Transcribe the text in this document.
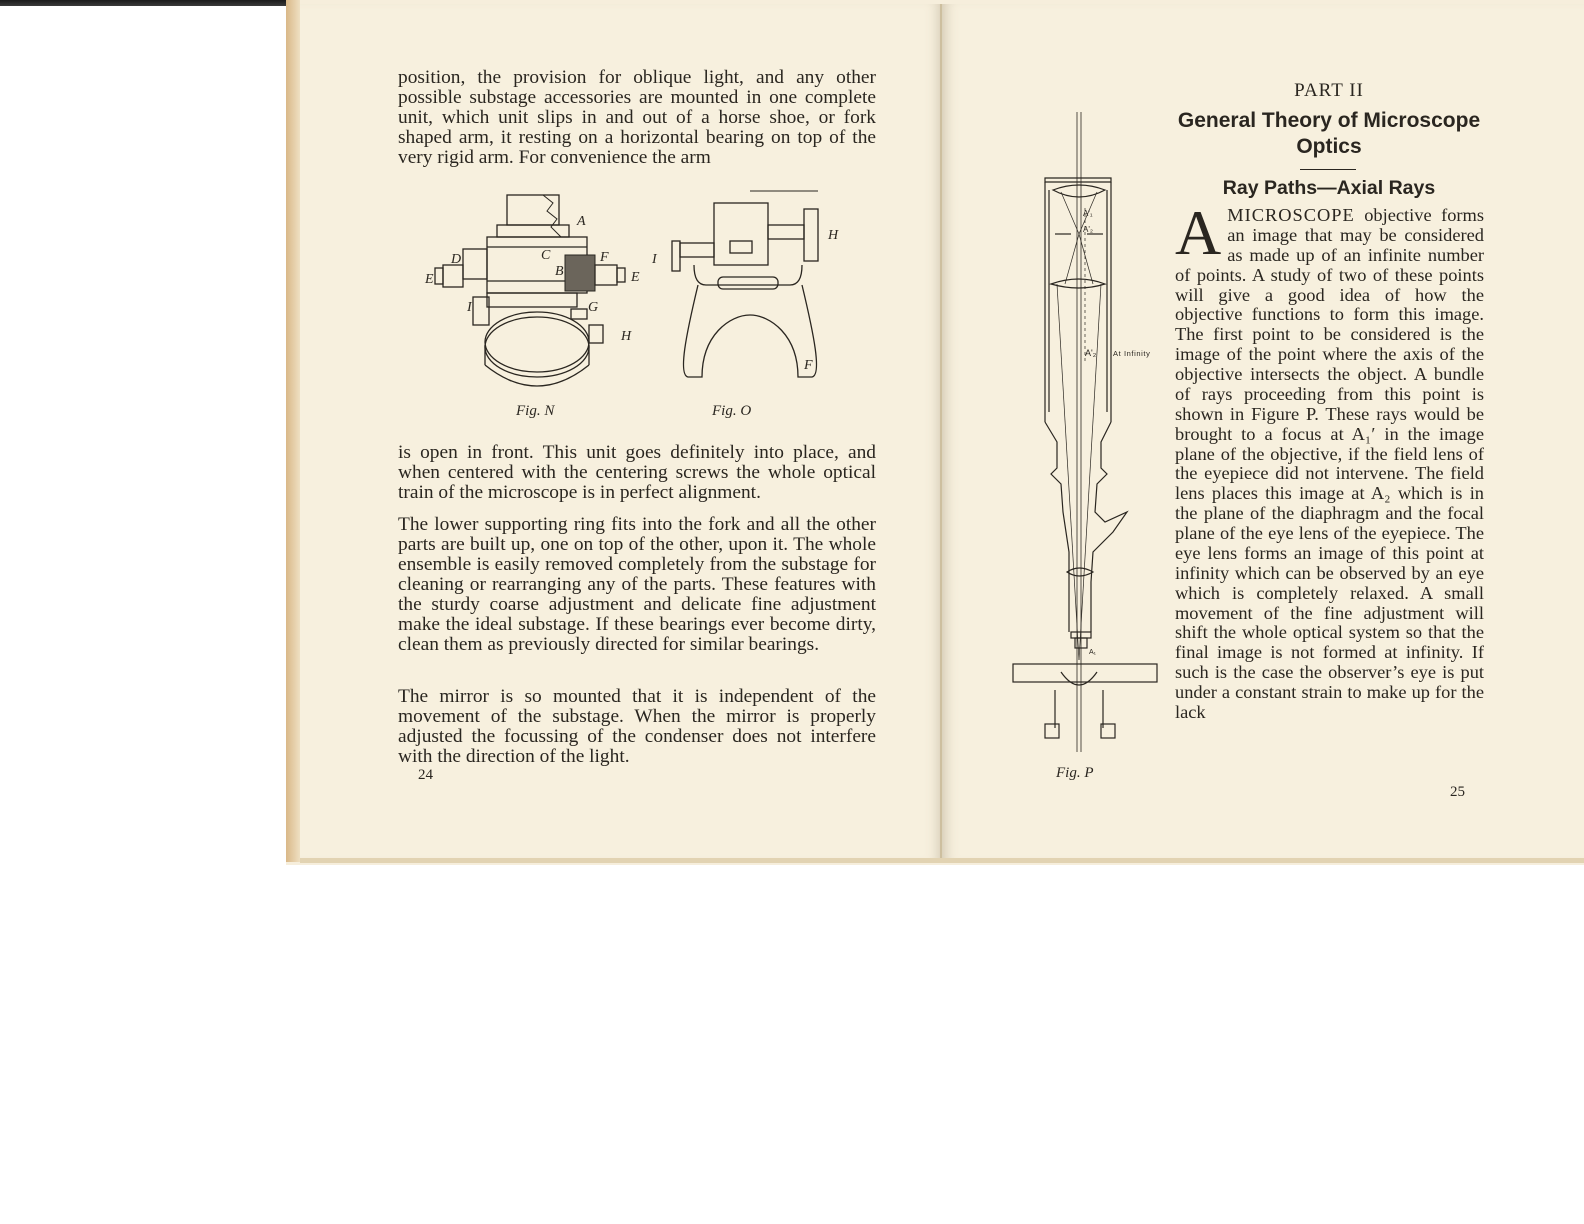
position, the provision for oblique light, and any other possible substage accessories are mounted in one complete unit, which unit slips in and out of a horse shoe, or fork shaped arm, it resting on a horizontal bearing on top of the very rigid arm. For convenience the arm

A
B
C
D
E	E
F
G
H
I
I
H
F
Fig. N	Fig. O

is open in front. This unit goes definitely into place, and when centered with the centering screws the whole optical train of the microscope is in perfect alignment.

The lower supporting ring fits into the fork and all the other parts are built up, one on top of the other, upon it. The whole ensemble is easily removed completely from the substage for cleaning or rearranging any of the parts. These features with the sturdy coarse adjustment and delicate fine adjustment make the ideal substage. If these bearings ever become dirty, clean them as previously directed for similar bearings.

The mirror is so mounted that it is independent of the movement of the substage. When the mirror is properly adjusted the focussing of the condenser does not interfere with the direction of the light.

24
A'₁
A'₂
A'₂ At Infinity
A₁
Fig. P
PART II
General Theory of Microscope Optics
Ray Paths—Axial Rays

AMICROSCOPE objective forms an image that may be considered as made up of an infinite number of points. A study of two of these points will give a good idea of how the objective functions to form this image. The first point to be considered is the image of the point where the axis of the objective intersects the object. A bundle of rays proceeding from this point is shown in Figure P. These rays would be brought to a focus at A₁′ in the image plane of the objective, if the field lens of the eyepiece did not intervene. The field lens places this image at A₂ which is in the plane of the diaphragm and the focal plane of the eye lens of the eyepiece. The eye lens forms an image of this point at infinity which can be observed by an eye which is completely relaxed. A small movement of the fine adjustment will shift the whole optical system so that the final image is not formed at infinity. If such is the case the observer’s eye is put under a constant strain to make up for the lack

25
